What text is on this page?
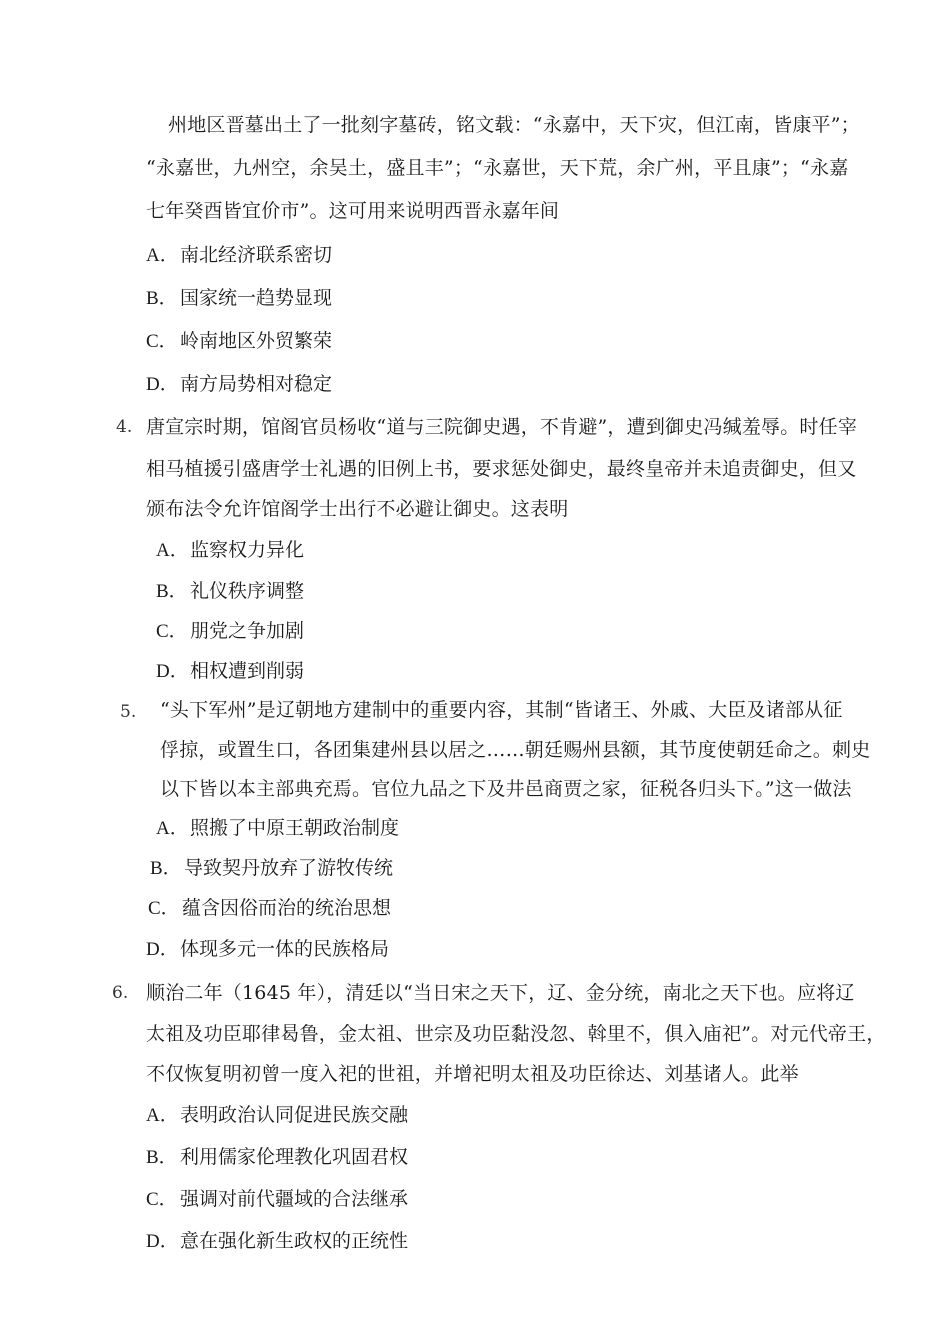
州地区晋墓出土了一批刻字墓砖，铭文载：“永嘉中，天下灾，但江南，皆康平”；
“永嘉世，九州空，余吴土，盛且丰”；“永嘉世，天下荒，余广州，平且康”；“永嘉
七年癸酉皆宜价市”。这可用来说明西晋永嘉年间
A．南北经济联系密切
B． 国家统一趋势显现
C． 岭南地区外贸繁荣
D．南方局势相对稳定
4. 唐宣宗时期，馆阁官员杨收“道与三院御史遇，不肯避”，遭到御史冯缄羞辱。时任宰
相马植援引盛唐学士礼遇的旧例上书，要求惩处御史，最终皇帝并未追责御史，但又
颁布法令允许馆阁学士出行不必避让御史。这表明
A．监察权力异化
B． 礼仪秩序调整
C． 朋党之争加剧
D．相权遭到削弱
5. “头下军州”是辽朝地方建制中的重要内容，其制“皆诸王、外戚、大臣及诸部从征
俘掠，或置生口，各团集建州县以居之……朝廷赐州县额，其节度使朝廷命之。刺史
以下皆以本主部典充焉。官位九品之下及井邑商贾之家，征税各归头下。”这一做法
A．照搬了中原王朝政治制度
B． 导致契丹放弃了游牧传统
C． 蕴含因俗而治的统治思想
D．体现多元一体的民族格局
6. 顺治二年（1645 年），清廷以“当日宋之天下，辽、金分统，南北之天下也。应将辽
太祖及功臣耶律曷鲁，金太祖、世宗及功臣黏没忽、斡里不，俱入庙祀”。对元代帝王，
不仅恢复明初曾一度入祀的世祖，并增祀明太祖及功臣徐达、刘基诸人。此举
A．表明政治认同促进民族交融
B． 利用儒家伦理教化巩固君权
C． 强调对前代疆域的合法继承
D．意在强化新生政权的正统性
